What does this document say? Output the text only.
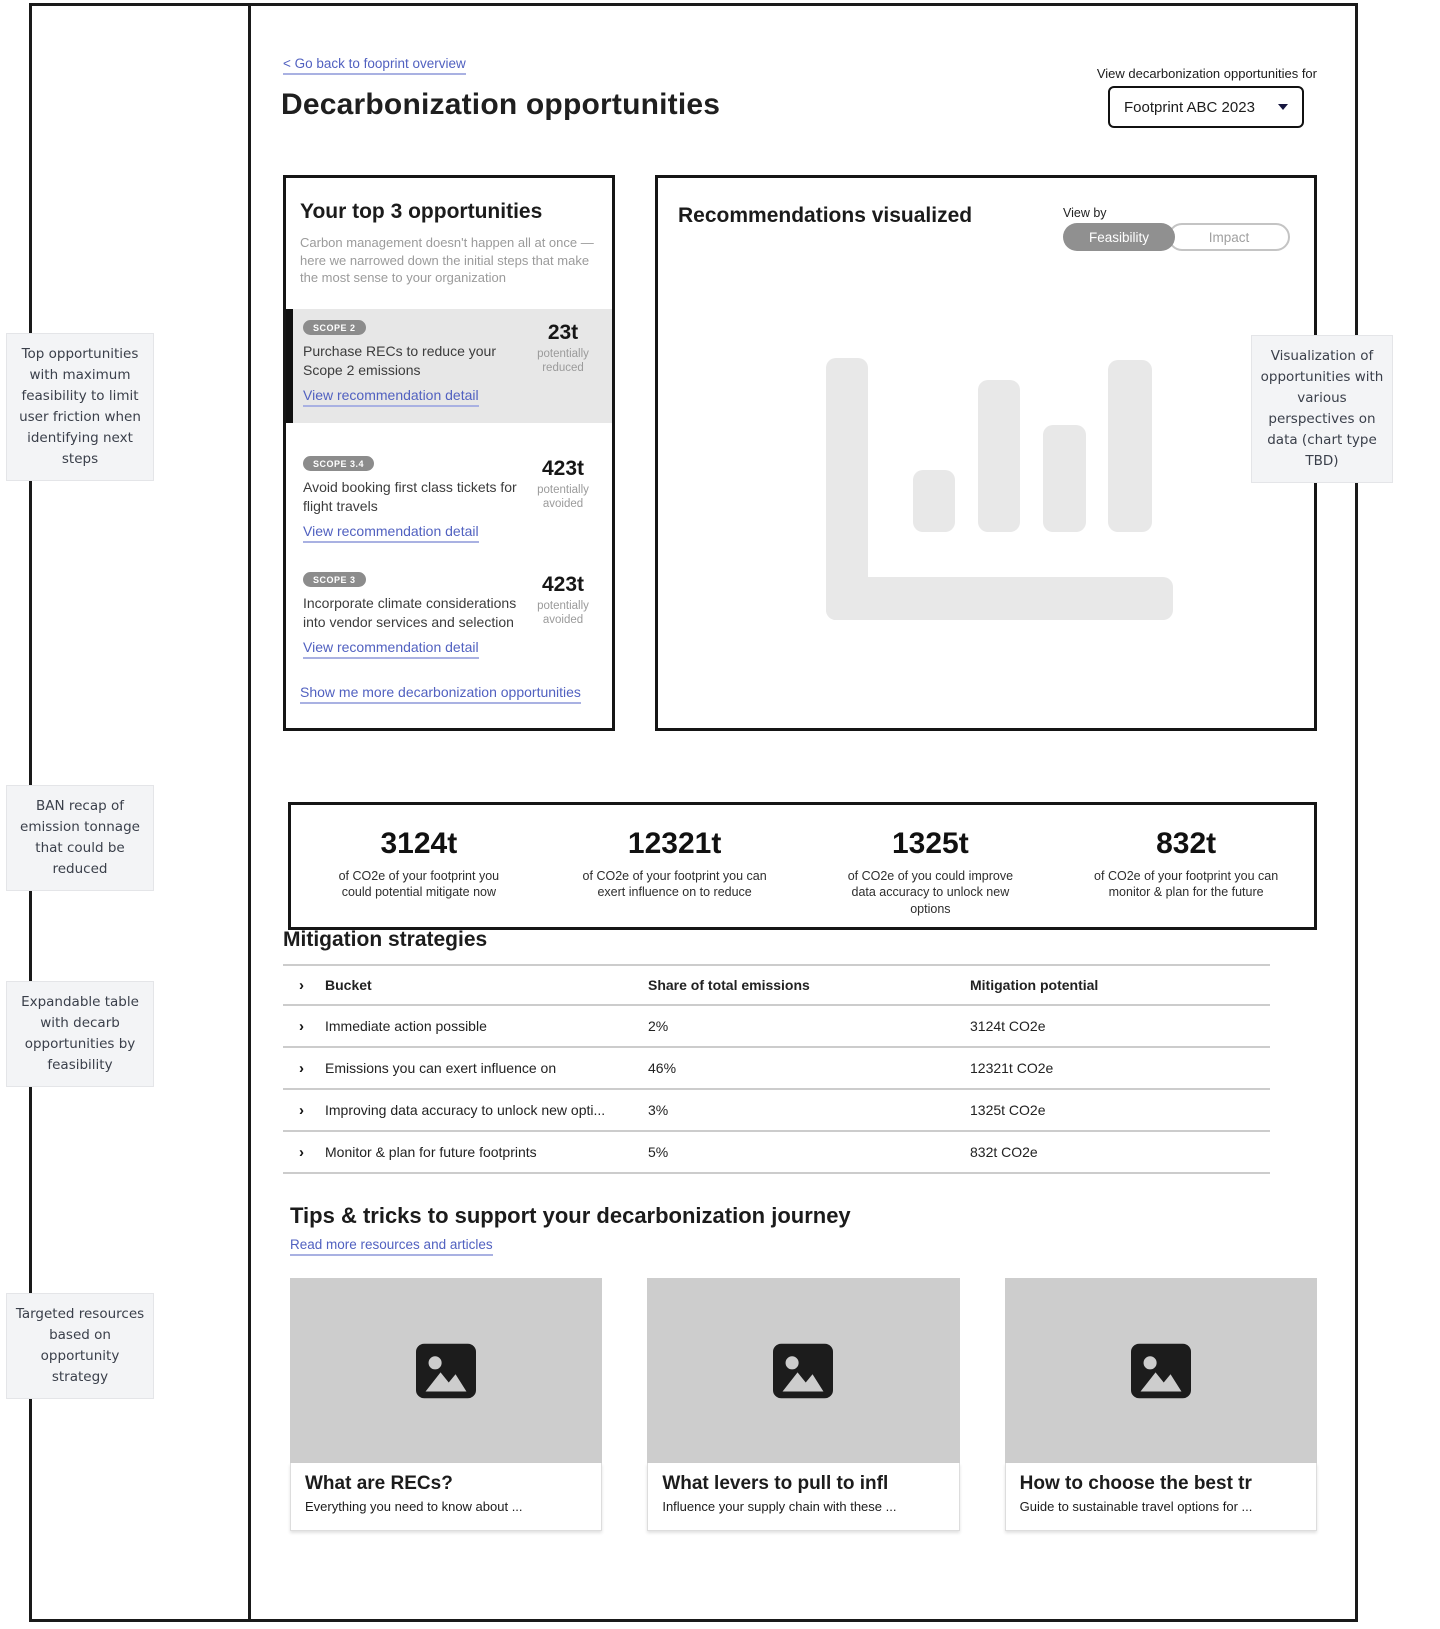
< Go back to fooprint overview
Decarbonization opportunities
View decarbonization opportunities for
Footprint ABC 2023
Your top 3 opportunities
Carbon management doesn't happen all at once — here we narrowed down the initial steps that make the most sense to your organization
SCOPE 2
Purchase RECs to reduce your Scope 2 emissions
View recommendation detail
23t
potentially reduced
SCOPE 3.4
Avoid booking first class tickets for flight travels
View recommendation detail
423t
potentially avoided
SCOPE 3
Incorporate climate considerations into vendor services and selection
View recommendation detail
423t
potentially avoided
Show me more decarbonization opportunities
Recommendations visualized	View by
Feasibility	Impact
3124t
of CO2e of your footprint you could potential mitigate now
12321t
of CO2e of your footprint you can exert influence on to reduce
1325t
of CO2e of you could improve data accuracy to unlock new options
832t
of CO2e of your footprint you can monitor & plan for the future
Mitigation strategies
›	Bucket	Share of total emissions	Mitigation potential
›	Immediate action possible	2%	3124t CO2e
›	Emissions you can exert influence on	46%	12321t CO2e
›	Improving data accuracy to unlock new opti...	3%	1325t CO2e
›	Monitor & plan for future footprints	5%	832t CO2e
Tips & tricks to support your decarbonization journey
Read more resources and articles
What are RECs?
Everything you need to know about ...
What levers to pull to infl
Influence your supply chain with these ...
How to choose the best tr
Guide to sustainable travel options for ...
Top opportunities with maximum feasibility to limit user friction when identifying next steps
BAN recap of emission tonnage that could be reduced
Expandable table with decarb opportunities by feasibility
Targeted resources based on opportunity strategy
Visualization of opportunities with various perspectives on data (chart type TBD)
